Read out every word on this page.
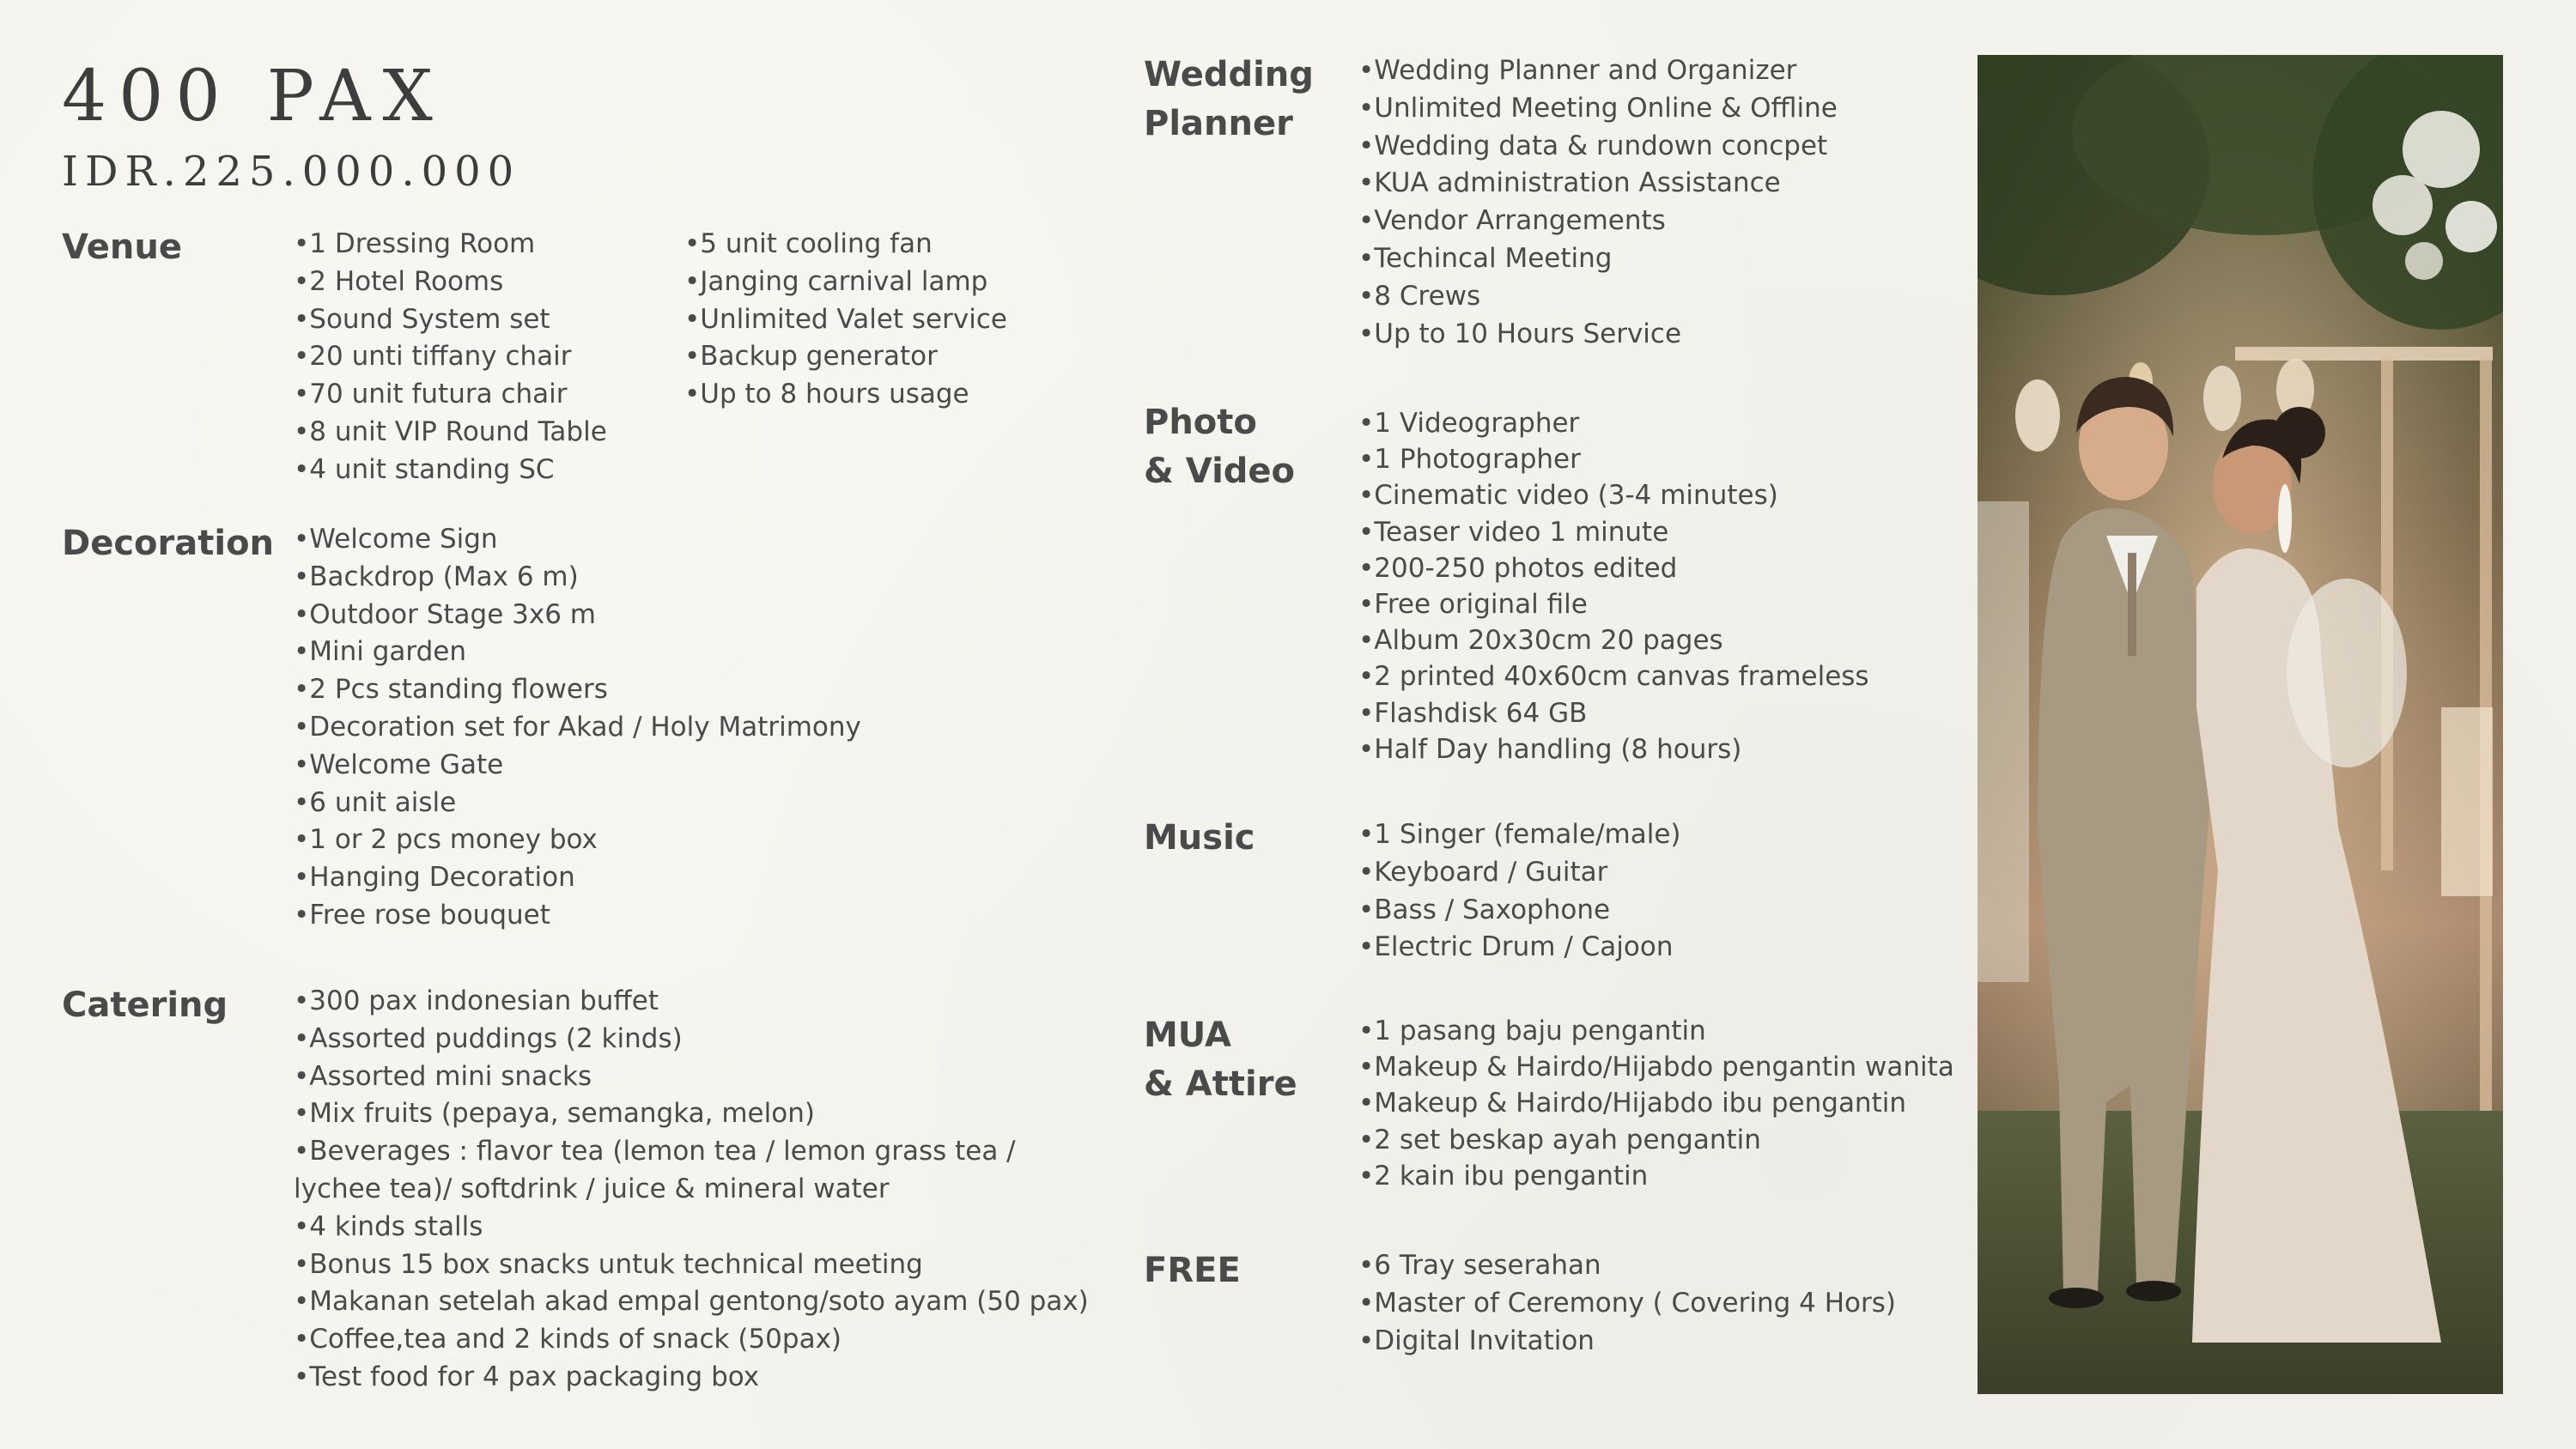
400 PAX
IDR.225.000.000
Venue	•1 Dressing Room
•2 Hotel Rooms
•Sound System set
•20 unti tiffany chair
•70 unit futura chair
•8 unit VIP Round Table
•4 unit standing SC
•5 unit cooling fan
•Janging carnival lamp
•Unlimited Valet service
•Backup generator
•Up to 8 hours usage
Decoration •Welcome Sign
•Backdrop (Max 6 m)
•Outdoor Stage 3x6 m
•Mini garden
•2 Pcs standing flowers
•Decoration set for Akad / Holy Matrimony
•Welcome Gate
•6 unit aisle
•1 or 2 pcs money box
•Hanging Decoration
•Free rose bouquet
Catering •300 pax indonesian buffet
•Assorted puddings (2 kinds)
•Assorted mini snacks
•Mix fruits (pepaya, semangka, melon)
•Beverages : flavor tea (lemon tea / lemon grass tea / lychee tea)/ softdrink / juice & mineral water
•4 kinds stalls
•Bonus 15 box snacks untuk technical meeting
•Makanan setelah akad empal gentong/soto ayam (50 pax)
•Coffee,tea and 2 kinds of snack (50pax)
•Test food for 4 pax packaging box
Wedding
Planner
•Wedding Planner and Organizer
•Unlimited Meeting Online & Offline
•Wedding data & rundown concpet
•KUA administration Assistance
•Vendor Arrangements
•Techincal Meeting
•8 Crews
•Up to 10 Hours Service
Photo
& Video
•1 Videographer
•1 Photographer
•Cinematic video (3-4 minutes)
•Teaser video 1 minute
•200-250 photos edited
•Free original file
•Album 20x30cm 20 pages
•2 printed 40x60cm canvas frameless
•Flashdisk 64 GB
•Half Day handling (8 hours)
Music	•1 Singer (female/male)
•Keyboard / Guitar
•Bass / Saxophone
•Electric Drum / Cajoon
MUA
& Attire
•1 pasang baju pengantin
•Makeup & Hairdo/Hijabdo pengantin wanita
•Makeup & Hairdo/Hijabdo ibu pengantin
•2 set beskap ayah pengantin
•2 kain ibu pengantin
FREE	•6 Tray seserahan
•Master of Ceremony ( Covering 4 Hors)
•Digital Invitation
